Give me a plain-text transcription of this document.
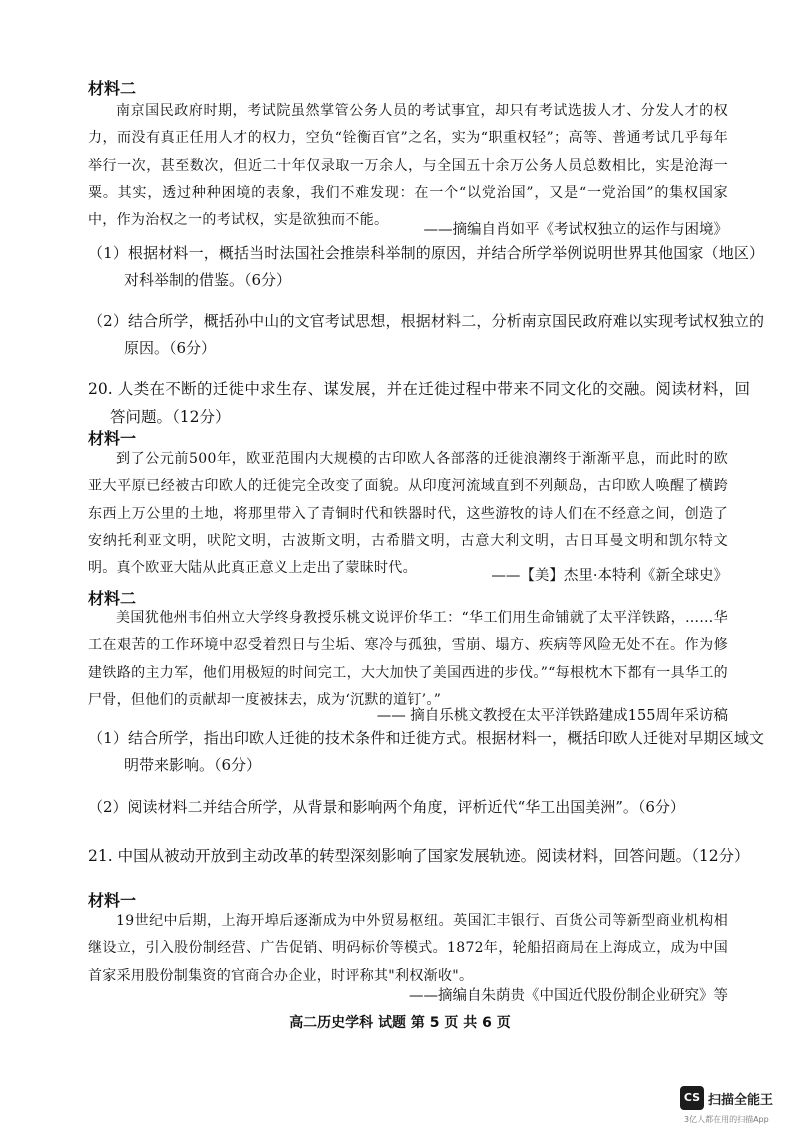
材料二
南京国民政府时期，考试院虽然掌管公务人员的考试事宜，却只有考试选拔人才、分发人才的权力，而没有真正任用人才的权力，空负“铨衡百官”之名，实为“职重权轻”；高等、普通考试几乎每年举行一次，甚至数次，但近二十年仅录取一万余人，与全国五十余万公务人员总数相比，实是沧海一粟。其实，透过种种困境的表象，我们不难发现：在一个“以党治国”，又是“一党治国”的集权国家中，作为治权之一的考试权，实是欲独而不能。
——摘编自肖如平《考试权独立的运作与困境》
（1）根据材料一，概括当时法国社会推崇科举制的原因，并结合所学举例说明世界其他国家（地区）对科举制的借鉴。（6分）
（2）结合所学，概括孙中山的文官考试思想，根据材料二，分析南京国民政府难以实现考试权独立的原因。（6分）
20. 人类在不断的迁徙中求生存、谋发展，并在迁徙过程中带来不同文化的交融。阅读材料，回答问题。（12分）
材料一
到了公元前500年，欧亚范围内大规模的古印欧人各部落的迁徙浪潮终于渐渐平息，而此时的欧亚大平原已经被古印欧人的迁徙完全改变了面貌。从印度河流域直到不列颠岛，古印欧人唤醒了横跨东西上万公里的土地，将那里带入了青铜时代和铁器时代，这些游牧的诗人们在不经意之间，创造了安纳托利亚文明，吠陀文明，古波斯文明，古希腊文明，古意大利文明，古日耳曼文明和凯尔特文明。真个欧亚大陆从此真正意义上走出了蒙昧时代。	——【美】杰里·本特利《新全球史》
材料二
美国犹他州韦伯州立大学终身教授乐桃文说评价华工：“华工们用生命铺就了太平洋铁路，……华工在艰苦的工作环境中忍受着烈日与尘垢、寒冷与孤独，雪崩、塌方、疾病等风险无处不在。作为修建铁路的主力军，他们用极短的时间完工，大大加快了美国西进的步伐。”“每根枕木下都有一具华工的尸骨，但他们的贡献却一度被抹去，成为‘沉默的道钉’。”
—— 摘自乐桃文教授在太平洋铁路建成155周年采访稿
（1）结合所学，指出印欧人迁徙的技术条件和迁徙方式。根据材料一，概括印欧人迁徙对早期区域文明带来影响。（6分）
（2）阅读材料二并结合所学，从背景和影响两个角度，评析近代“华工出国美洲”。（6分）
21. 中国从被动开放到主动改革的转型深刻影响了国家发展轨迹。阅读材料，回答问题。（12分）
材料一
19世纪中后期，上海开埠后逐渐成为中外贸易枢纽。英国汇丰银行、百货公司等新型商业机构相继设立，引入股份制经营、广告促销、明码标价等模式。1872年，轮船招商局在上海成立，成为中国首家采用股份制集资的官商合办企业，时评称其"利权渐收"。
——摘编自朱荫贵《中国近代股份制企业研究》等
高二历史学科 试题 第 5 页 共 6 页
CS 扫描全能王
3亿人都在用的扫描App
